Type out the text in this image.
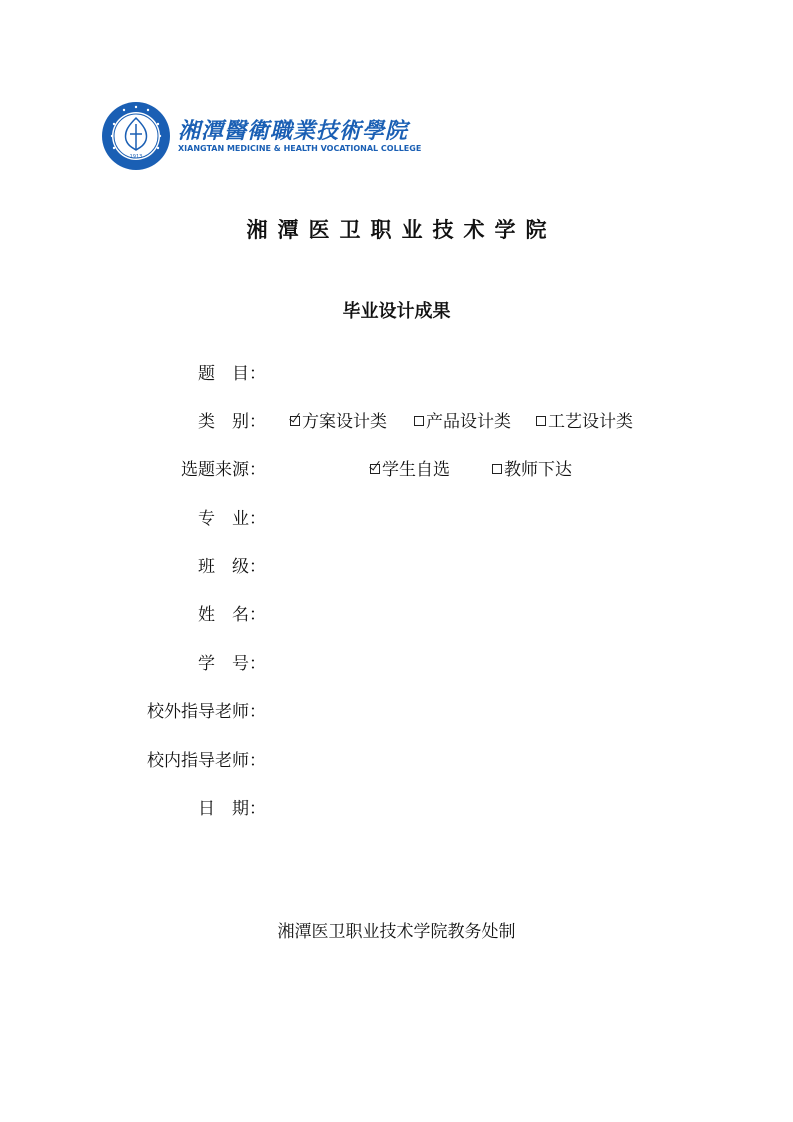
1913
湘潭醫衛職業技術學院
XIANGTAN MEDICINE & HEALTH VOCATIONAL COLLEGE
湘潭医卫职业技术学院
毕业设计成果
题　目：
类　别：	方案设计类	产品设计类	工艺设计类
选题来源：	学生自选	教师下达
专　业：
班　级：
姓　名：
学　号：
校外指导老师：
校内指导老师：
日　期：
湘潭医卫职业技术学院教务处制
